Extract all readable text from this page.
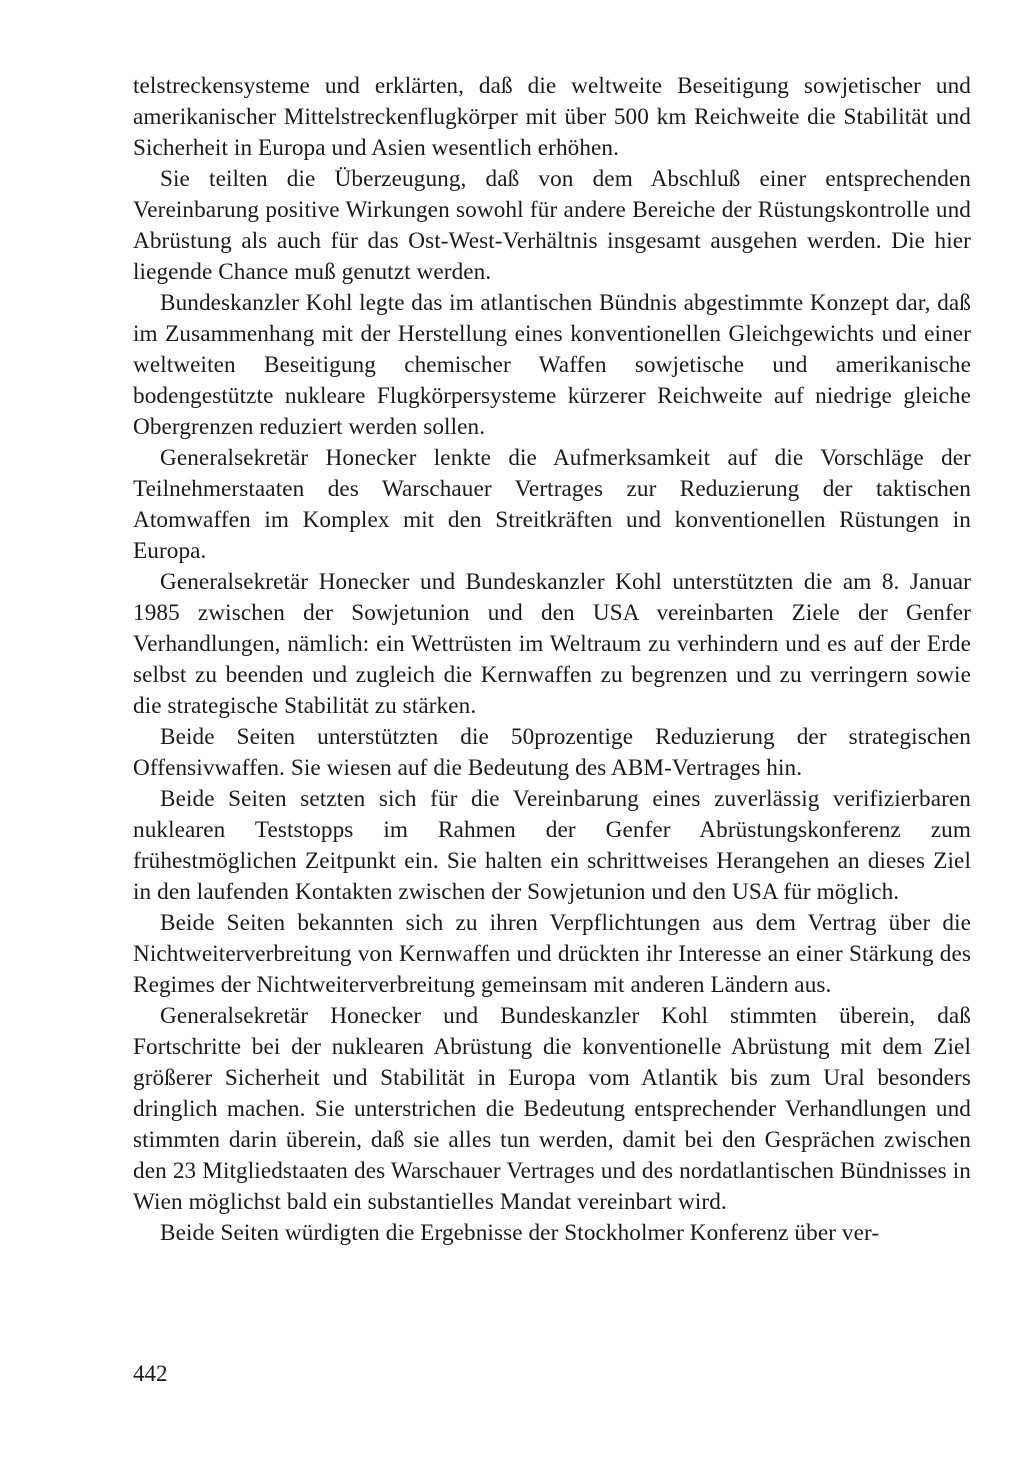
telstreckensysteme und erklärten, daß die weltweite Beseitigung sowjetischer und amerikanischer Mittelstreckenflugkörper mit über 500 km Reichweite die Stabilität und Sicherheit in Europa und Asien wesentlich erhöhen.

Sie teilten die Überzeugung, daß von dem Abschluß einer entsprechenden Vereinbarung positive Wirkungen sowohl für andere Bereiche der Rüstungskontrolle und Abrüstung als auch für das Ost-West-Verhältnis insgesamt ausgehen werden. Die hier liegende Chance muß genutzt werden.

Bundeskanzler Kohl legte das im atlantischen Bündnis abgestimmte Konzept dar, daß im Zusammenhang mit der Herstellung eines konventionellen Gleichgewichts und einer weltweiten Beseitigung chemischer Waffen sowjetische und amerikanische bodengestützte nukleare Flugkörpersysteme kürzerer Reichweite auf niedrige gleiche Obergrenzen reduziert werden sollen.

Generalsekretär Honecker lenkte die Aufmerksamkeit auf die Vorschläge der Teilnehmerstaaten des Warschauer Vertrages zur Reduzierung der taktischen Atomwaffen im Komplex mit den Streitkräften und konventionellen Rüstungen in Europa.

Generalsekretär Honecker und Bundeskanzler Kohl unterstützten die am 8. Januar 1985 zwischen der Sowjetunion und den USA vereinbarten Ziele der Genfer Verhandlungen, nämlich: ein Wettrüsten im Weltraum zu verhindern und es auf der Erde selbst zu beenden und zugleich die Kernwaffen zu begrenzen und zu verringern sowie die strategische Stabilität zu stärken.

Beide Seiten unterstützten die 50prozentige Reduzierung der strategischen Offensivwaffen. Sie wiesen auf die Bedeutung des ABM-Vertrages hin.

Beide Seiten setzten sich für die Vereinbarung eines zuverlässig verifizierbaren nuklearen Teststopps im Rahmen der Genfer Abrüstungskonferenz zum frühestmöglichen Zeitpunkt ein. Sie halten ein schrittweises Herangehen an dieses Ziel in den laufenden Kontakten zwischen der Sowjetunion und den USA für möglich.

Beide Seiten bekannten sich zu ihren Verpflichtungen aus dem Vertrag über die Nichtweiterverbreitung von Kernwaffen und drückten ihr Interesse an einer Stärkung des Regimes der Nichtweiterverbreitung gemeinsam mit anderen Ländern aus.

Generalsekretär Honecker und Bundeskanzler Kohl stimmten überein, daß Fortschritte bei der nuklearen Abrüstung die konventionelle Abrüstung mit dem Ziel größerer Sicherheit und Stabilität in Europa vom Atlantik bis zum Ural besonders dringlich machen. Sie unterstrichen die Bedeutung entsprechender Verhandlungen und stimmten darin überein, daß sie alles tun werden, damit bei den Gesprächen zwischen den 23 Mitgliedstaaten des Warschauer Vertrages und des nordatlantischen Bündnisses in Wien möglichst bald ein substantielles Mandat vereinbart wird.

Beide Seiten würdigten die Ergebnisse der Stockholmer Konferenz über ver-

442
